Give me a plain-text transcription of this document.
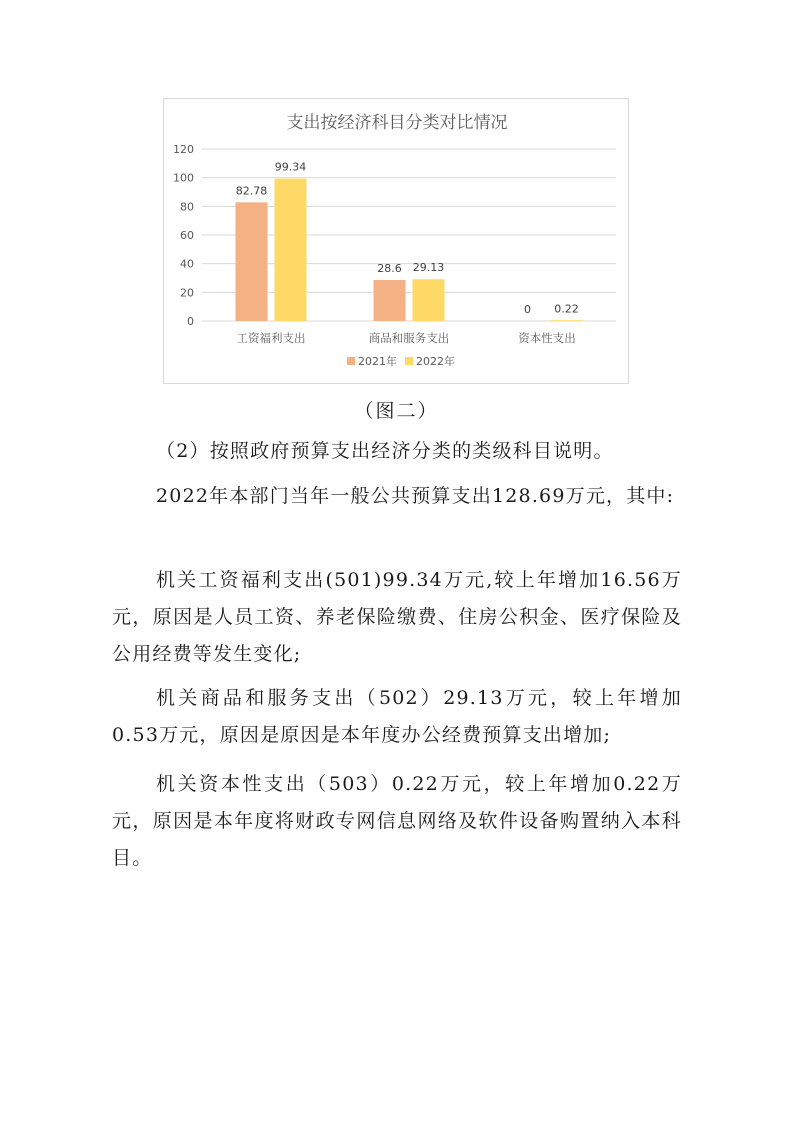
支出按经济科目分类对比情况
0
20
40
60
80
100
120
82.78
99.34
工资福利支出
28.6 29.13
商品和服务支出
0 0.22
资本性支出
2021年 2022年
（图二）

（2）按照政府预算支出经济分类的类级科目说明。

2022年本部门当年一般公共预算支出128.69万元，其中:

机关工资福利支出(501)99.34万元,较上年增加16.56万元，原因是人员工资、养老保险缴费、住房公积金、医疗保险及公用经费等发生变化;

机关商品和服务支出（502）29.13万元，较上年增加0.53万元，原因是原因是本年度办公经费预算支出增加;

机关资本性支出（503）0.22万元，较上年增加0.22万元，原因是本年度将财政专网信息网络及软件设备购置纳入本科目。
